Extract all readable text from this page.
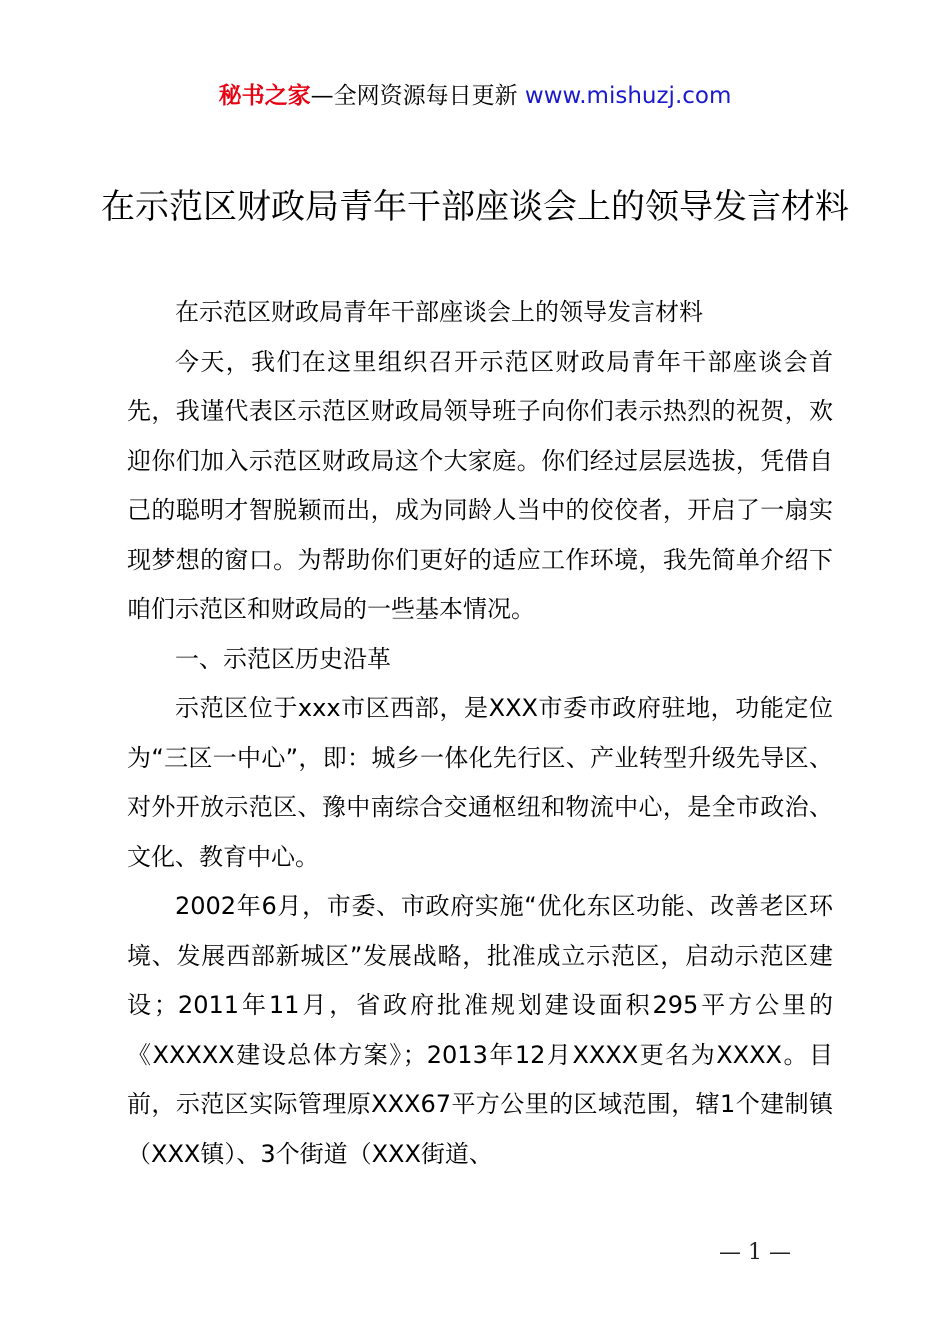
秘书之家—全网资源每日更新 www.mishuzj.com
在示范区财政局青年干部座谈会上的领导发言材料

在示范区财政局青年干部座谈会上的领导发言材料

今天，我们在这里组织召开示范区财政局青年干部座谈会首先，我谨代表区示范区财政局领导班子向你们表示热烈的祝贺，欢迎你们加入示范区财政局这个大家庭。你们经过层层选拔，凭借自己的聪明才智脱颖而出，成为同龄人当中的佼佼者，开启了一扇实现梦想的窗口。为帮助你们更好的适应工作环境，我先简单介绍下咱们示范区和财政局的一些基本情况。

一、示范区历史沿革

示范区位于xxx市区西部，是XXX市委市政府驻地，功能定位为“三区一中心”，即：城乡一体化先行区、产业转型升级先导区、对外开放示范区、豫中南综合交通枢纽和物流中心，是全市政治、文化、教育中心。

2002年6月，市委、市政府实施“优化东区功能、改善老区环境、发展西部新城区”发展战略，批准成立示范区，启动示范区建设；2011年11月，省政府批准规划建设面积295平方公里的《XXXXX建设总体方案》；2013年12月XXXX更名为XXXX。目前，示范区实际管理原XXX67平方公里的区域范围，辖1个建制镇（XXX镇）、3个街道（XXX街道、

— 1 —
